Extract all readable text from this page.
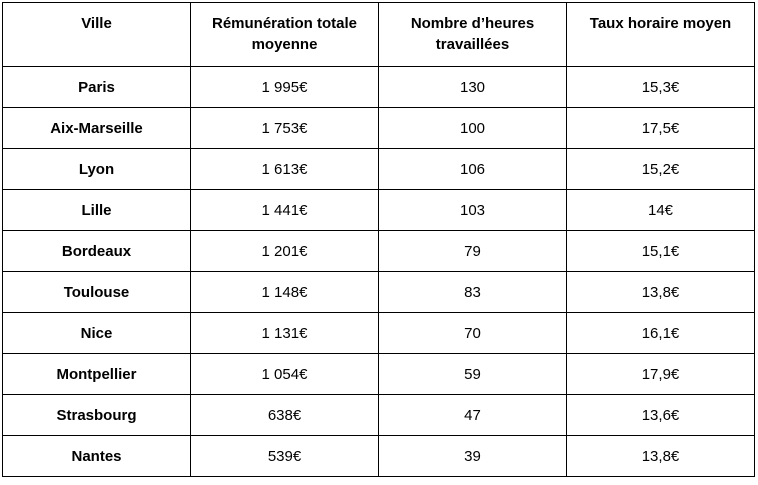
Ville	Rémunération totale moyenne	Nombre d’heures travaillées	Taux horaire moyen
Paris	1 995€	130	15,3€
Aix-Marseille	1 753€	100	17,5€
Lyon	1 613€	106	15,2€
Lille	1 441€	103	14€
Bordeaux	1 201€	79	15,1€
Toulouse	1 148€	83	13,8€
Nice	1 131€	70	16,1€
Montpellier	1 054€	59	17,9€
Strasbourg	638€	47	13,6€
Nantes	539€	39	13,8€
